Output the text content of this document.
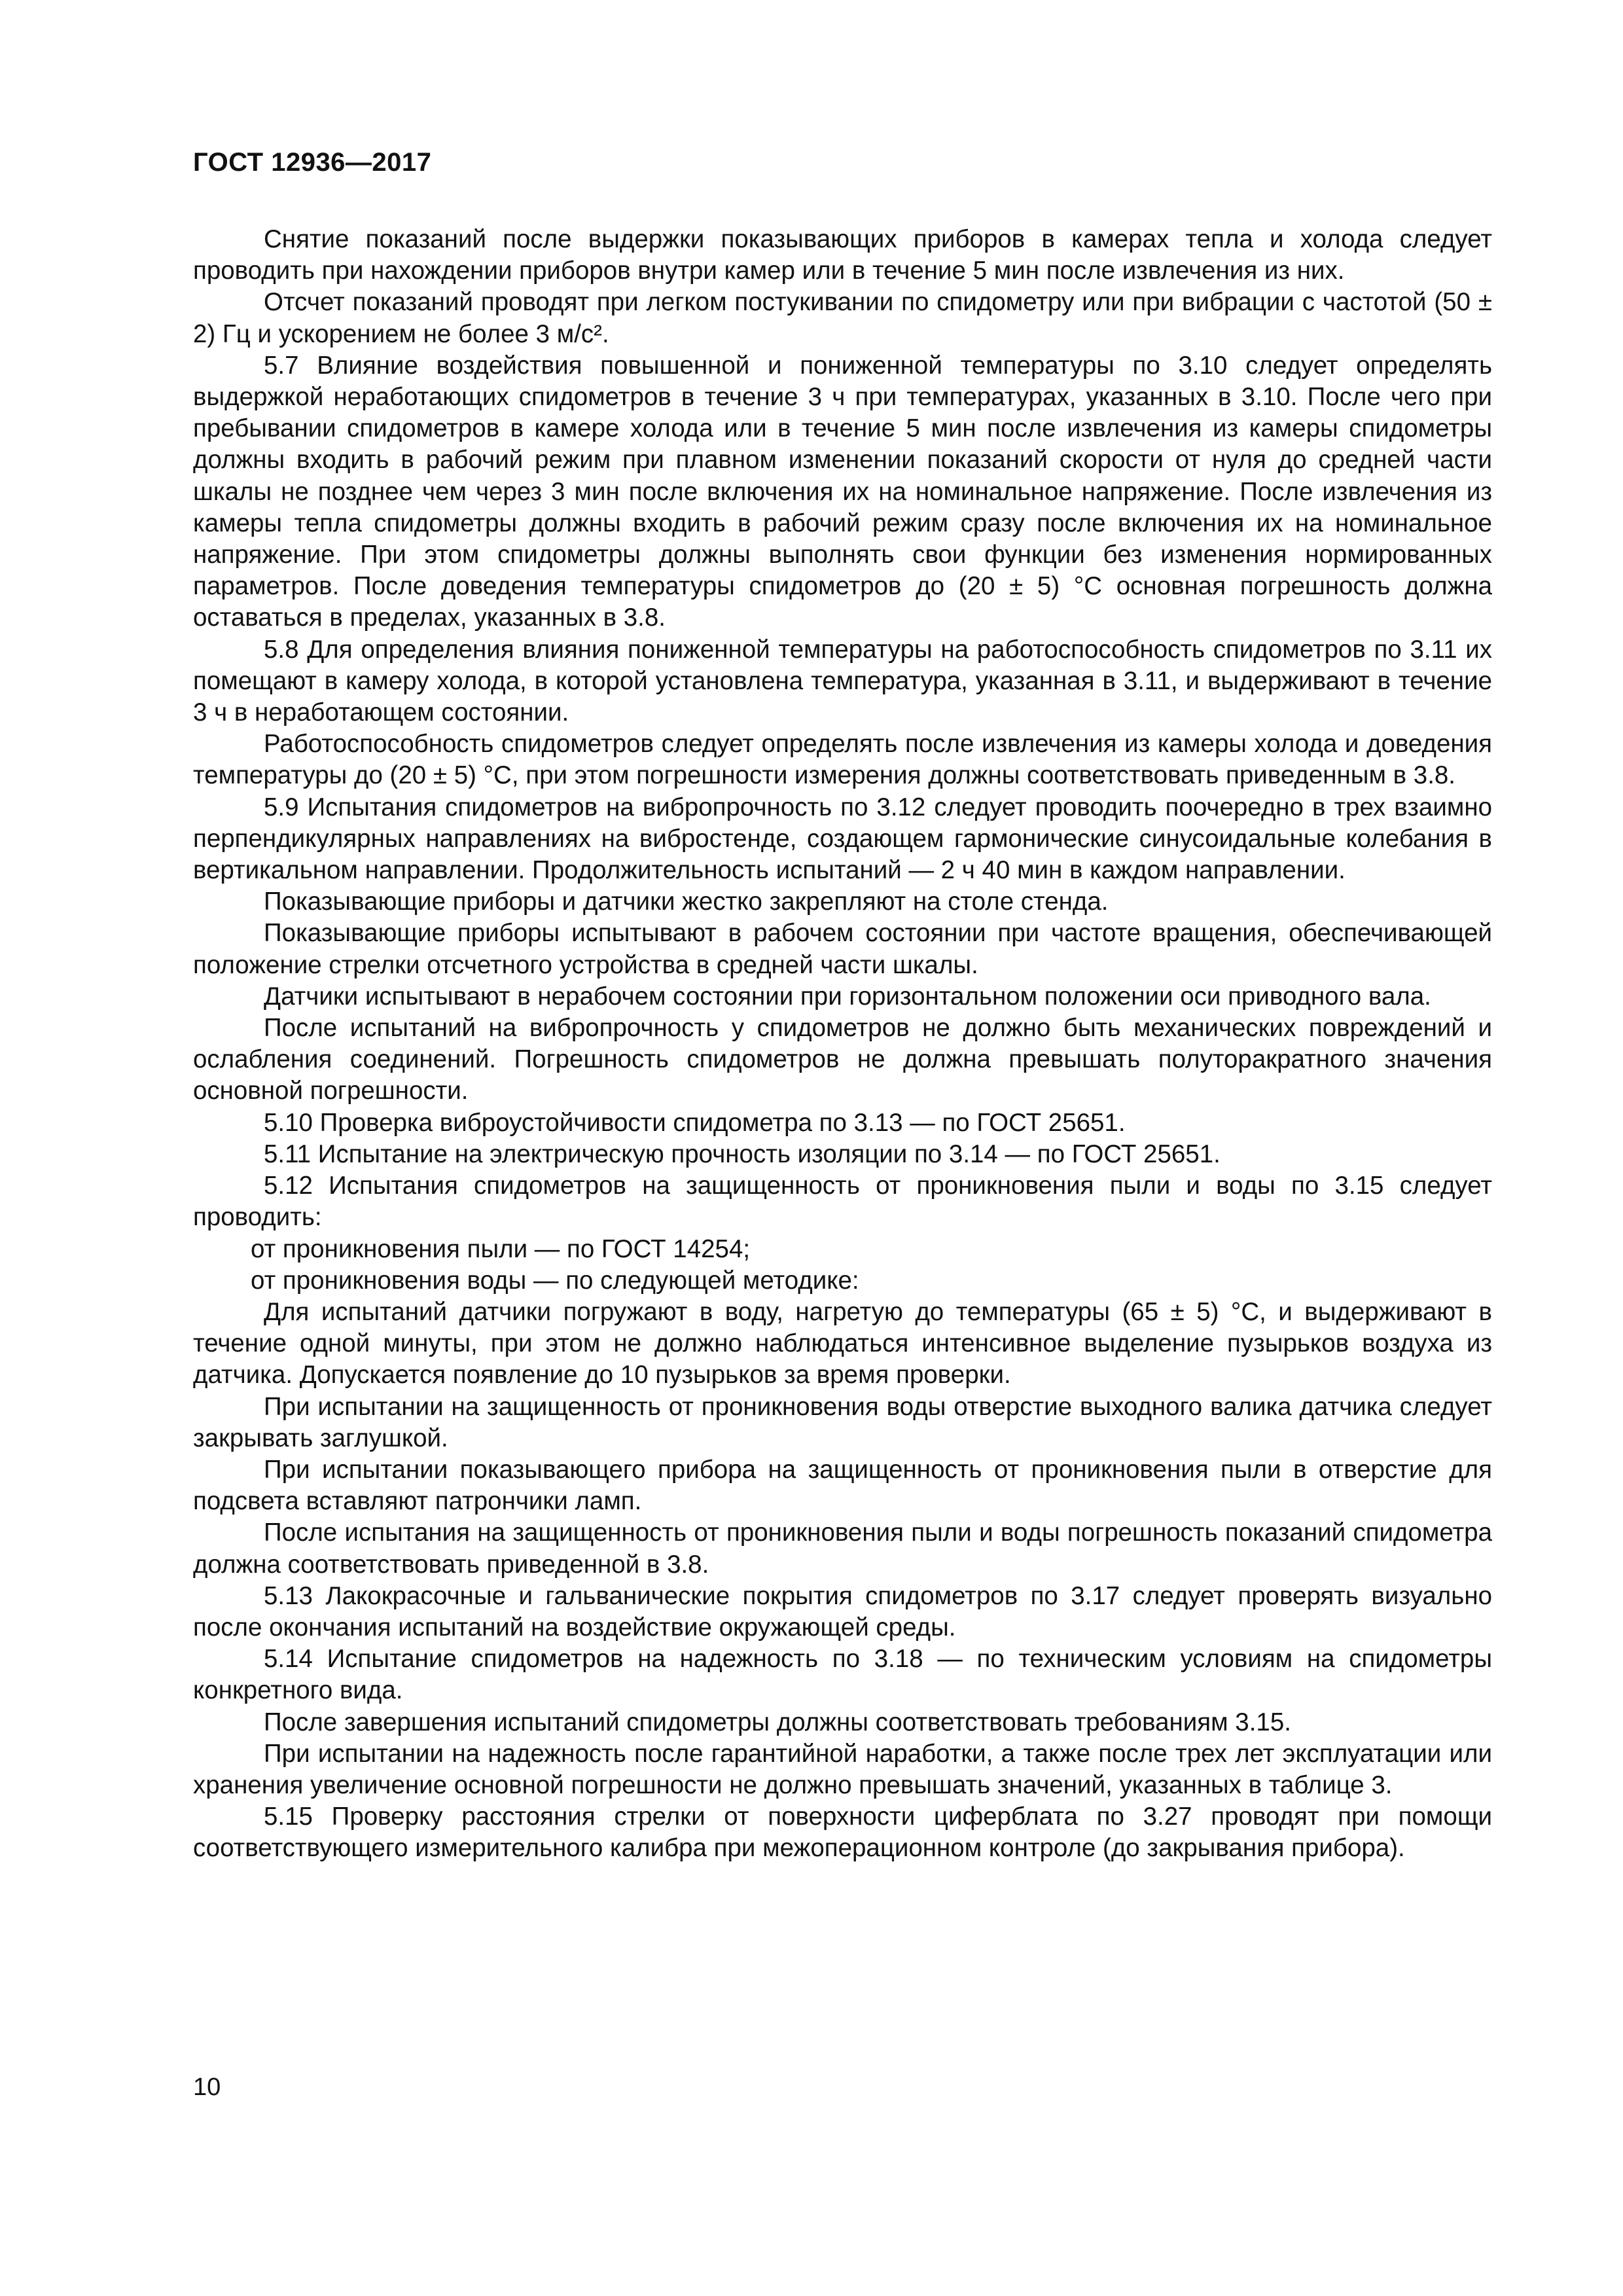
ГОСТ 12936—2017

Снятие показаний после выдержки показывающих приборов в камерах тепла и холода следует проводить при нахождении приборов внутри камер или в течение 5 мин после извлечения из них.

Отсчет показаний проводят при легком постукивании по спидометру или при вибрации с частотой (50 ± 2) Гц и ускорением не более 3 м/с².

5.7 Влияние воздействия повышенной и пониженной температуры по 3.10 следует определять выдержкой неработающих спидометров в течение 3 ч при температурах, указанных в 3.10. После чего при пребывании спидометров в камере холода или в течение 5 мин после извлечения из камеры спидометры должны входить в рабочий режим при плавном изменении показаний скорости от нуля до средней части шкалы не позднее чем через 3 мин после включения их на номинальное напряжение. После извлечения из камеры тепла спидометры должны входить в рабочий режим сразу после включения их на номинальное напряжение. При этом спидометры должны выполнять свои функции без изменения нормированных параметров. После доведения температуры спидометров до (20 ± 5) °С основная погрешность должна оставаться в пределах, указанных в 3.8.

5.8 Для определения влияния пониженной температуры на работоспособность спидометров по 3.11 их помещают в камеру холода, в которой установлена температура, указанная в 3.11, и выдерживают в течение 3 ч в неработающем состоянии.

Работоспособность спидометров следует определять после извлечения из камеры холода и доведения температуры до (20 ± 5) °С, при этом погрешности измерения должны соответствовать приведенным в 3.8.

5.9 Испытания спидометров на вибропрочность по 3.12 следует проводить поочередно в трех взаимно перпендикулярных направлениях на вибростенде, создающем гармонические синусоидальные колебания в вертикальном направлении. Продолжительность испытаний — 2 ч 40 мин в каждом направлении.

Показывающие приборы и датчики жестко закрепляют на столе стенда.

Показывающие приборы испытывают в рабочем состоянии при частоте вращения, обеспечивающей положение стрелки отсчетного устройства в средней части шкалы.

Датчики испытывают в нерабочем состоянии при горизонтальном положении оси приводного вала.

После испытаний на вибропрочность у спидометров не должно быть механических повреждений и ослабления соединений. Погрешность спидометров не должна превышать полуторакратного значения основной погрешности.

5.10 Проверка виброустойчивости спидометра по 3.13 — по ГОСТ 25651.

5.11 Испытание на электрическую прочность изоляции по 3.14 — по ГОСТ 25651.

5.12 Испытания спидометров на защищенность от проникновения пыли и воды по 3.15 следует проводить:

от проникновения пыли — по ГОСТ 14254;

от проникновения воды — по следующей методике:

Для испытаний датчики погружают в воду, нагретую до температуры (65 ± 5) °С, и выдерживают в течение одной минуты, при этом не должно наблюдаться интенсивное выделение пузырьков воздуха из датчика. Допускается появление до 10 пузырьков за время проверки.

При испытании на защищенность от проникновения воды отверстие выходного валика датчика следует закрывать заглушкой.

При испытании показывающего прибора на защищенность от проникновения пыли в отверстие для подсвета вставляют патрончики ламп.

После испытания на защищенность от проникновения пыли и воды погрешность показаний спидометра должна соответствовать приведенной в 3.8.

5.13 Лакокрасочные и гальванические покрытия спидометров по 3.17 следует проверять визуально после окончания испытаний на воздействие окружающей среды.

5.14 Испытание спидометров на надежность по 3.18 — по техническим условиям на спидометры конкретного вида.

После завершения испытаний спидометры должны соответствовать требованиям 3.15.

При испытании на надежность после гарантийной наработки, а также после трех лет эксплуатации или хранения увеличение основной погрешности не должно превышать значений, указанных в таблице 3.

5.15 Проверку расстояния стрелки от поверхности циферблата по 3.27 проводят при помощи соответствующего измерительного калибра при межоперационном контроле (до закрывания прибора).

10
